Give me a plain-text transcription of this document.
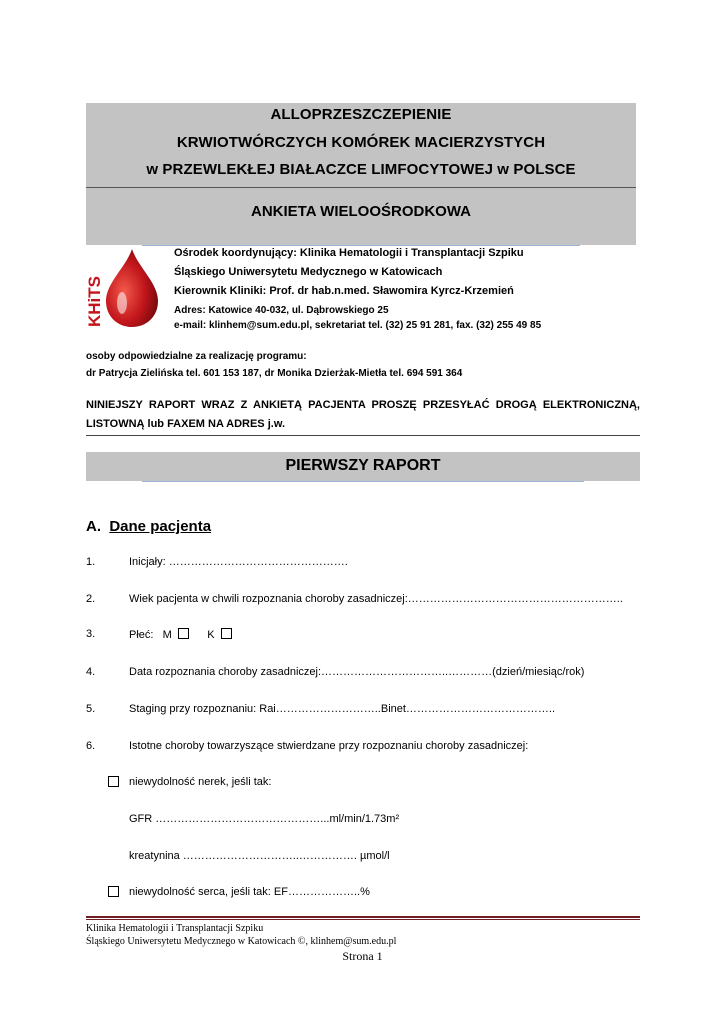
ALLOPRZESZCZEPIENIE
KRWIOTWÓRCZYCH KOMÓREK MACIERZYSTYCH
w PRZEWLEKŁEJ BIAŁACZCE LIMFOCYTOWEJ w POLSCE
ANKIETA WIELOOŚRODKOWA
KHiTS
Ośrodek koordynujący: Klinika Hematologii i Transplantacji Szpiku
Śląskiego Uniwersytetu Medycznego w Katowicach
Kierownik Kliniki: Prof. dr hab.n.med. Sławomira Kyrcz-Krzemień
Adres: Katowice 40-032, ul. Dąbrowskiego 25
e-mail: klinhem@sum.edu.pl, sekretariat tel. (32) 25 91 281, fax. (32) 255 49 85
osoby odpowiedzialne za realizację programu:
dr Patrycja Zielińska tel. 601 153 187, dr Monika Dzierżak-Mietła tel. 694 591 364
NINIEJSZY RAPORT WRAZ Z ANKIETĄ PACJENTA PROSZĘ PRZESYŁAĆ DROGĄ ELEKTRONICZNĄ, LISTOWNĄ lub FAXEM NA ADRES j.w.
PIERWSZY RAPORT
A. Dane pacjenta
1.	Inicjały: ………………………………………….
2.	Wiek pacjenta w chwili rozpoznania choroby zasadniczej:…………………………………………………..
3.	Płeć: M	K
4.	Data rozpoznania choroby zasadniczej:……………………………..…………(dzień/miesiąc/rok)
5.	Staging przy rozpoznaniu: Rai………………………..Binet…………………………………..
6.	Istotne choroby towarzyszące stwierdzane przy rozpoznaniu choroby zasadniczej:
niewydolność nerek, jeśli tak:
GFR ………………………………………...ml/min/1.73m²
kreatynina …………………………..……………. µmol/l
niewydolność serca, jeśli tak: EF………………..%
Klinika Hematologii i Transplantacji Szpiku
Śląskiego Uniwersytetu Medycznego w Katowicach ©, klinhem@sum.edu.pl
Strona 1
